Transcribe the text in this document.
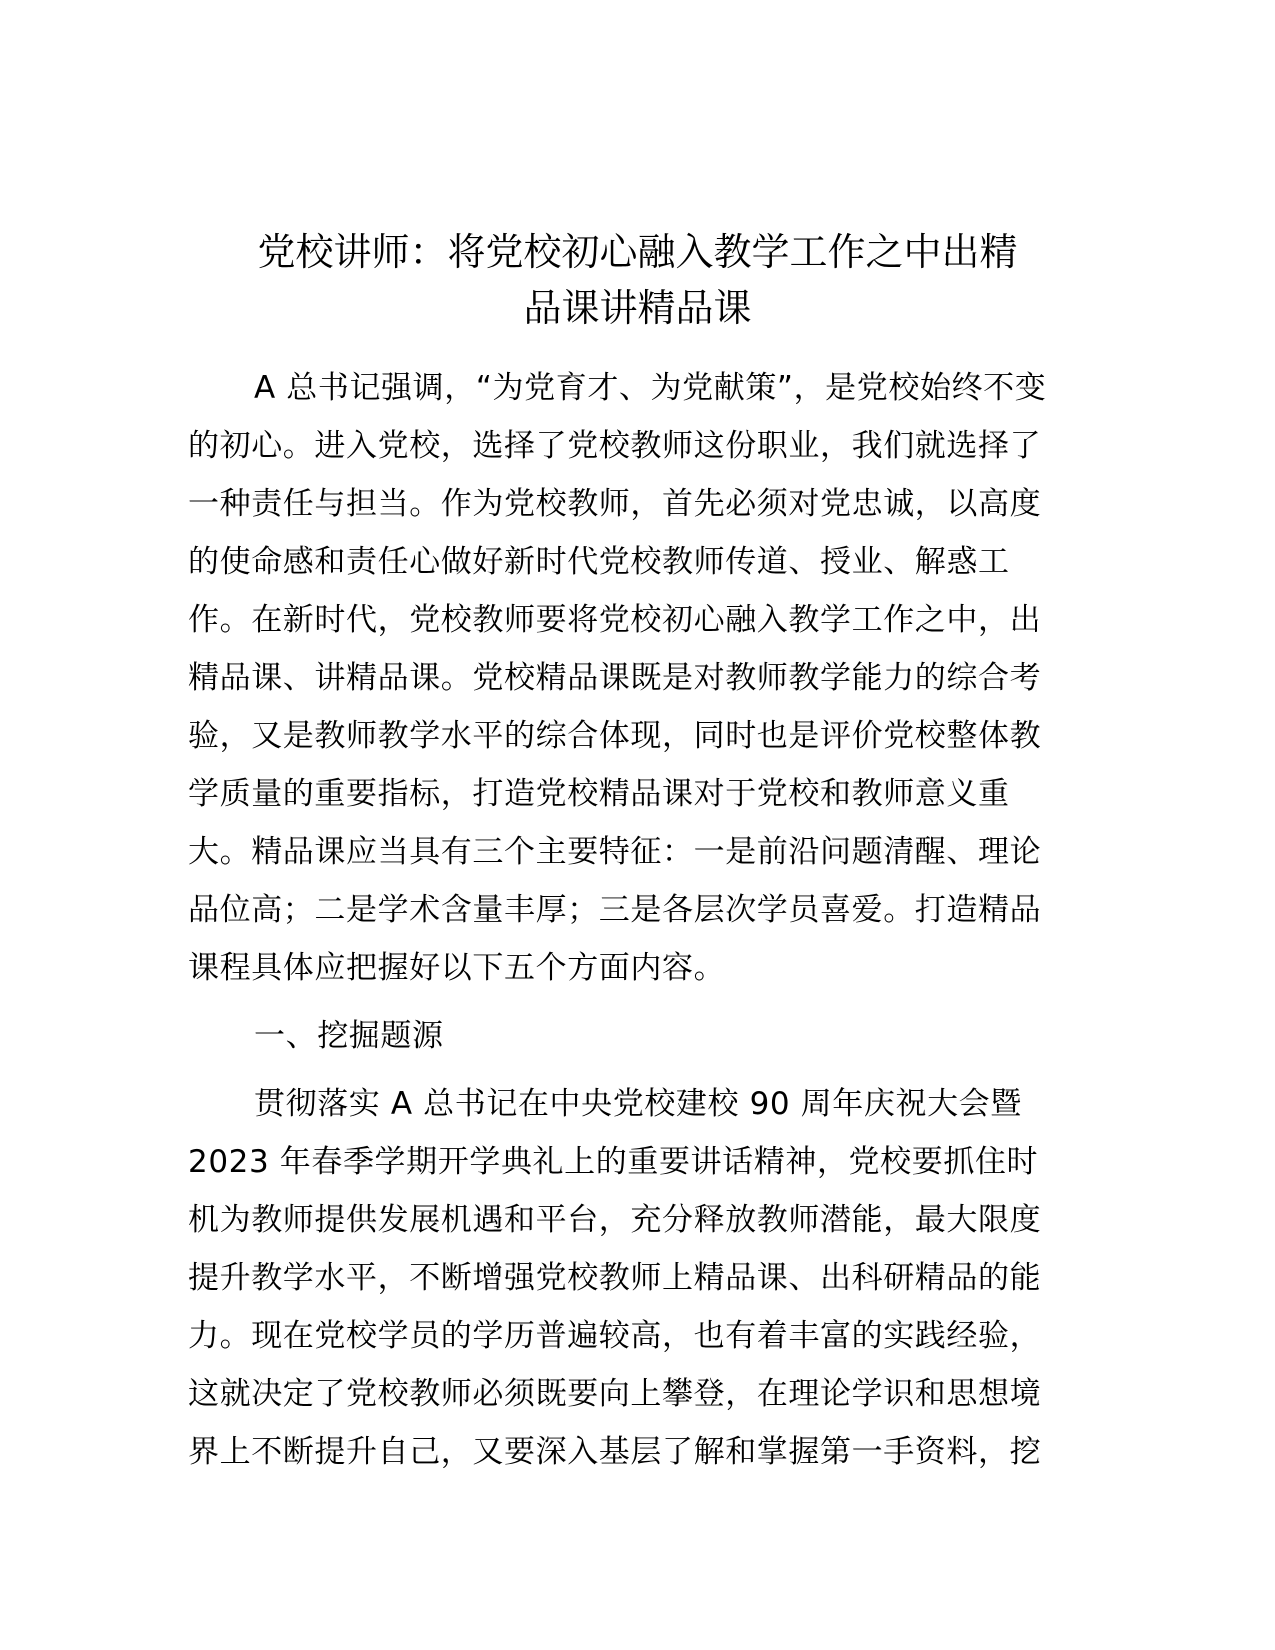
党校讲师：将党校初心融入教学工作之中出精
品课讲精品课
A 总书记强调，“为党育才、为党献策”，是党校始终不变
的初心。进入党校，选择了党校教师这份职业，我们就选择了
一种责任与担当。作为党校教师，首先必须对党忠诚，以高度
的使命感和责任心做好新时代党校教师传道、授业、解惑工
作。在新时代，党校教师要将党校初心融入教学工作之中，出
精品课、讲精品课。党校精品课既是对教师教学能力的综合考
验，又是教师教学水平的综合体现，同时也是评价党校整体教
学质量的重要指标，打造党校精品课对于党校和教师意义重
大。精品课应当具有三个主要特征：一是前沿问题清醒、理论
品位高；二是学术含量丰厚；三是各层次学员喜爱。打造精品
课程具体应把握好以下五个方面内容。
一、挖掘题源
贯彻落实 A 总书记在中央党校建校 90 周年庆祝大会暨
2023 年春季学期开学典礼上的重要讲话精神，党校要抓住时
机为教师提供发展机遇和平台，充分释放教师潜能，最大限度
提升教学水平，不断增强党校教师上精品课、出科研精品的能
力。现在党校学员的学历普遍较高，也有着丰富的实践经验，
这就决定了党校教师必须既要向上攀登，在理论学识和思想境
界上不断提升自己，又要深入基层了解和掌握第一手资料，挖
